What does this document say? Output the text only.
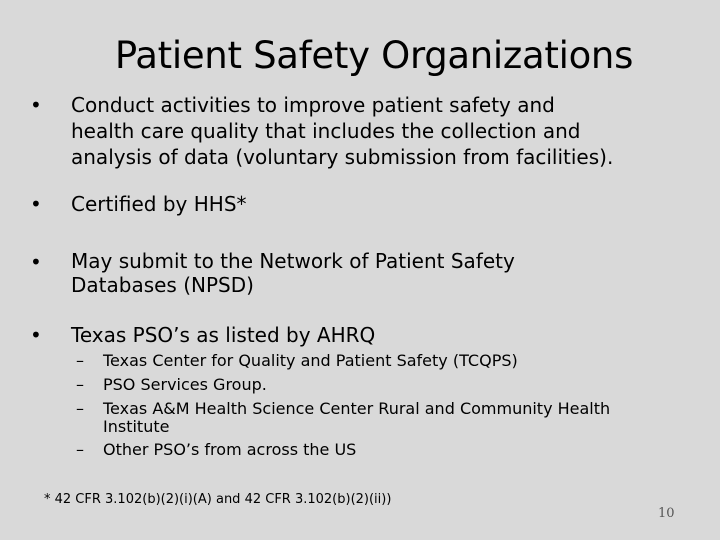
Patient Safety Organizations
• Conduct activities to improve patient safety and
health care quality that includes the collection and
analysis of data (voluntary submission from facilities).
• Certified by HHS*
• May submit to the Network of Patient Safety
Databases (NPSD)
• Texas PSO’s as listed by AHRQ
– Texas Center for Quality and Patient Safety (TCQPS)
– PSO Services Group.
– Texas A&M Health Science Center Rural and Community Health
Institute
– Other PSO’s from across the US
* 42 CFR 3.102(b)(2)(i)(A) and 42 CFR 3.102(b)(2)(ii))
10
